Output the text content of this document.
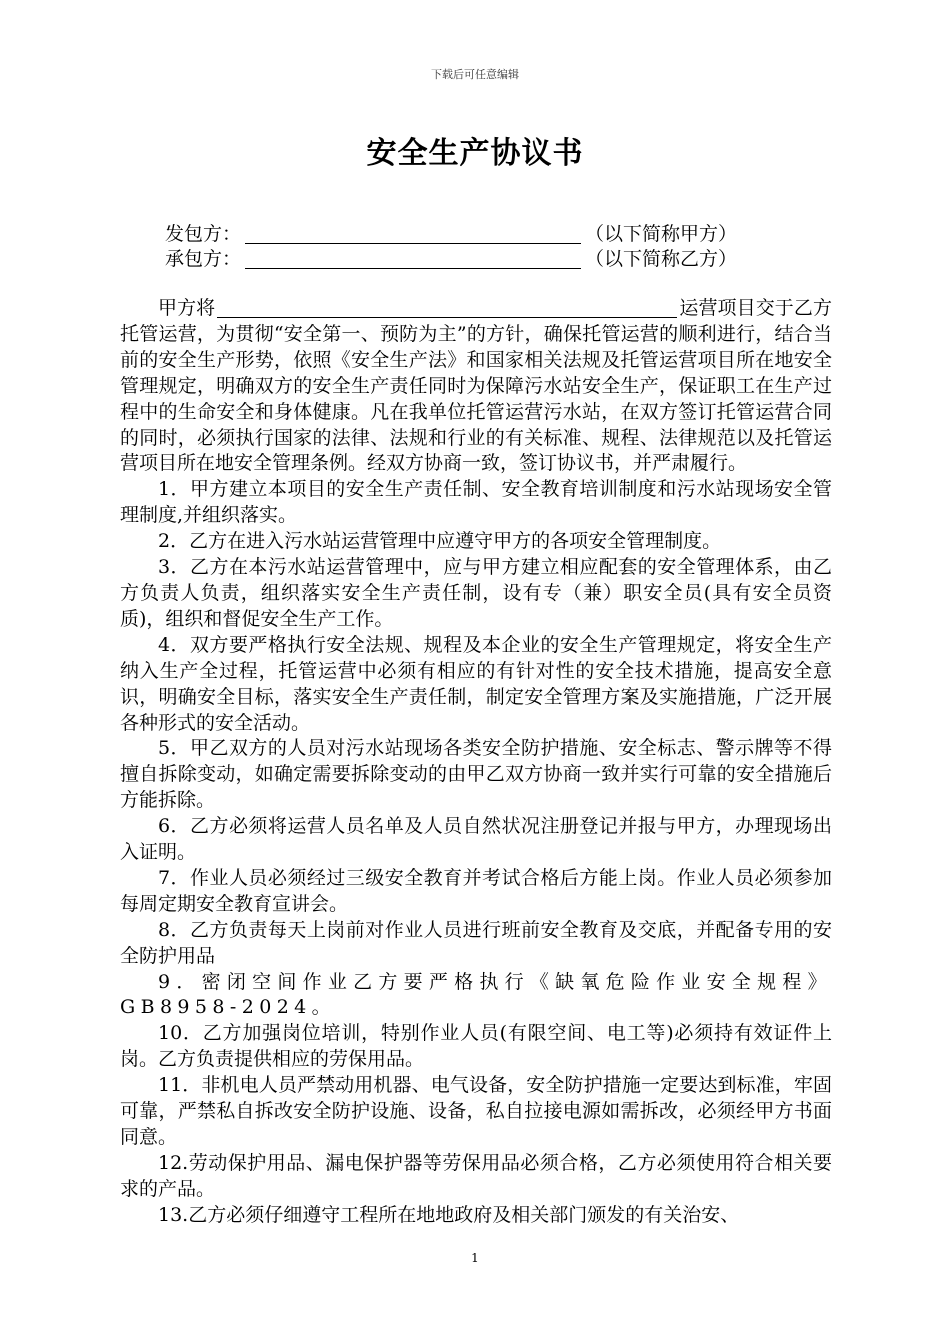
下载后可任意编辑
安全生产协议书
发包方：	（以下简称甲方）
承包方：	（以下简称乙方）

甲方将	运营项目交于乙方托管运营，为贯彻“安全第一、预防为主”的方针，确保托管运营的顺利进行，结合当前的安全生产形势，依照《安全生产法》和国家相关法规及托管运营项目所在地安全管理规定，明确双方的安全生产责任同时为保障污水站安全生产，保证职工在生产过程中的生命安全和身体健康。凡在我单位托管运营污水站，在双方签订托管运营合同的同时，必须执行国家的法律、法规和行业的有关标准、规程、法律规范以及托管运营项目所在地安全管理条例。经双方协商一致，签订协议书，并严肃履行。

1．甲方建立本项目的安全生产责任制、安全教育培训制度和污水站现场安全管理制度,并组织落实。

2．乙方在进入污水站运营管理中应遵守甲方的各项安全管理制度。

3．乙方在本污水站运营管理中，应与甲方建立相应配套的安全管理体系，由乙方负责人负责，组织落实安全生产责任制，设有专（兼）职安全员(具有安全员资质)，组织和督促安全生产工作。

4．双方要严格执行安全法规、规程及本企业的安全生产管理规定，将安全生产纳入生产全过程，托管运营中必须有相应的有针对性的安全技术措施，提高安全意识，明确安全目标，落实安全生产责任制，制定安全管理方案及实施措施，广泛开展各种形式的安全活动。

5．甲乙双方的人员对污水站现场各类安全防护措施、安全标志、警示牌等不得擅自拆除变动，如确定需要拆除变动的由甲乙双方协商一致并实行可靠的安全措施后方能拆除。

6．乙方必须将运营人员名单及人员自然状况注册登记并报与甲方，办理现场出入证明。

7．作业人员必须经过三级安全教育并考试合格后方能上岗。作业人员必须参加每周定期安全教育宣讲会。

8．乙方负责每天上岗前对作业人员进行班前安全教育及交底，并配备专用的安全防护用品

9．密闭空间作业乙方要严格执行《缺氧危险作业安全规程》GB8958-2024。

10．乙方加强岗位培训，特别作业人员(有限空间、电工等)必须持有效证件上岗。乙方负责提供相应的劳保用品。

11．非机电人员严禁动用机器、电气设备，安全防护措施一定要达到标准，牢固可靠，严禁私自拆改安全防护设施、设备，私自拉接电源如需拆改，必须经甲方书面同意。

12.劳动保护用品、漏电保护器等劳保用品必须合格，乙方必须使用符合相关要求的产品。

13.乙方必须仔细遵守工程所在地地政府及相关部门颁发的有关治安、

1
